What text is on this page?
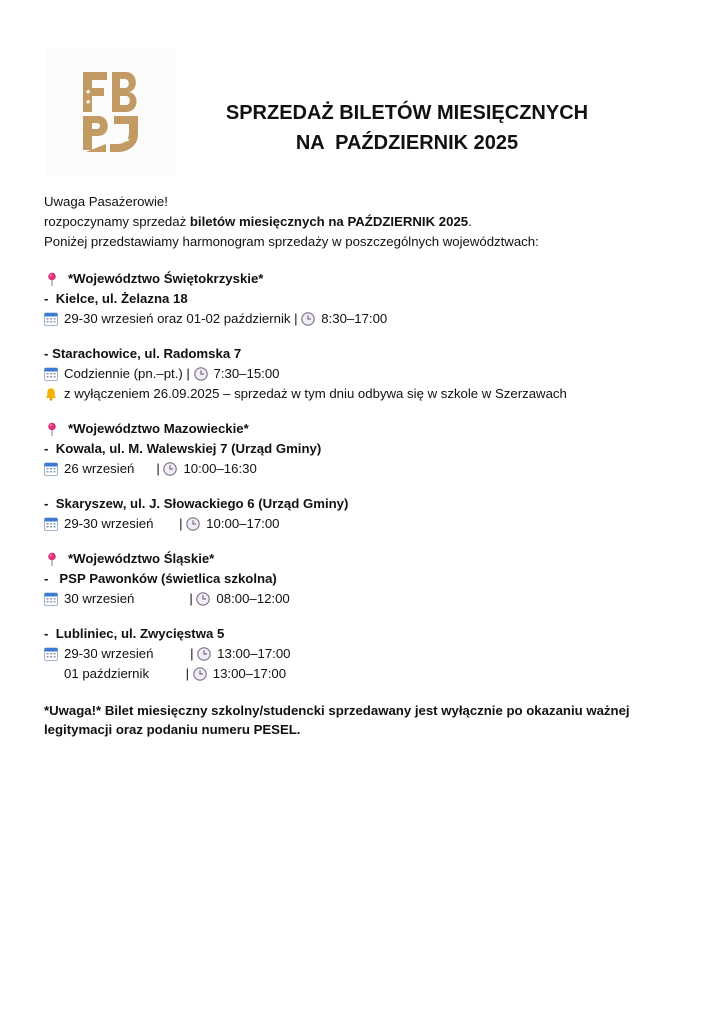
★
★
★
★
★
SPRZEDAŻ BILETÓW MIESIĘCZNYCH
NA  PAŹDZIERNIK 2025
Uwaga Pasażerowie!
rozpoczynamy sprzedaż biletów miesięcznych na PAŹDZIERNIK 2025 .
Poniżej przedstawiamy harmonogram sprzedaży w poszczególnych województwach:
*Województwo Świętokrzyskie*
- Kielce, ul. Żelazna 18
29-30 wrzesień oraz 01-02 październik | 8:30–17:00
- Starachowice, ul. Radomska 7
Codziennie (pn.–pt.) | 7:30–15:00
z wyłączeniem 26.09.2025 – sprzedaż w tym dniu odbywa się w szkole w Szerzawach
*Województwo Mazowieckie*
- Kowala, ul. M. Walewskiej 7 (Urząd Gminy)
26 wrzesień      | 10:00–16:30
- Skaryszew, ul. J. Słowackiego 6 (Urząd Gminy)
29-30 wrzesień       | 10:00–17:00
*Województwo Śląskie*
- PSP Pawonków (świetlica szkolna)
30 wrzesień               | 08:00–12:00
- Lubliniec, ul. Zwycięstwa 5
29-30 wrzesień          | 13:00–17:00
01 październik          | 13:00–17:00
*Uwaga!* Bilet miesięczny szkolny/studencki sprzedawany jest wyłącznie po okazaniu ważnej legitymacji oraz podaniu numeru PESEL.
